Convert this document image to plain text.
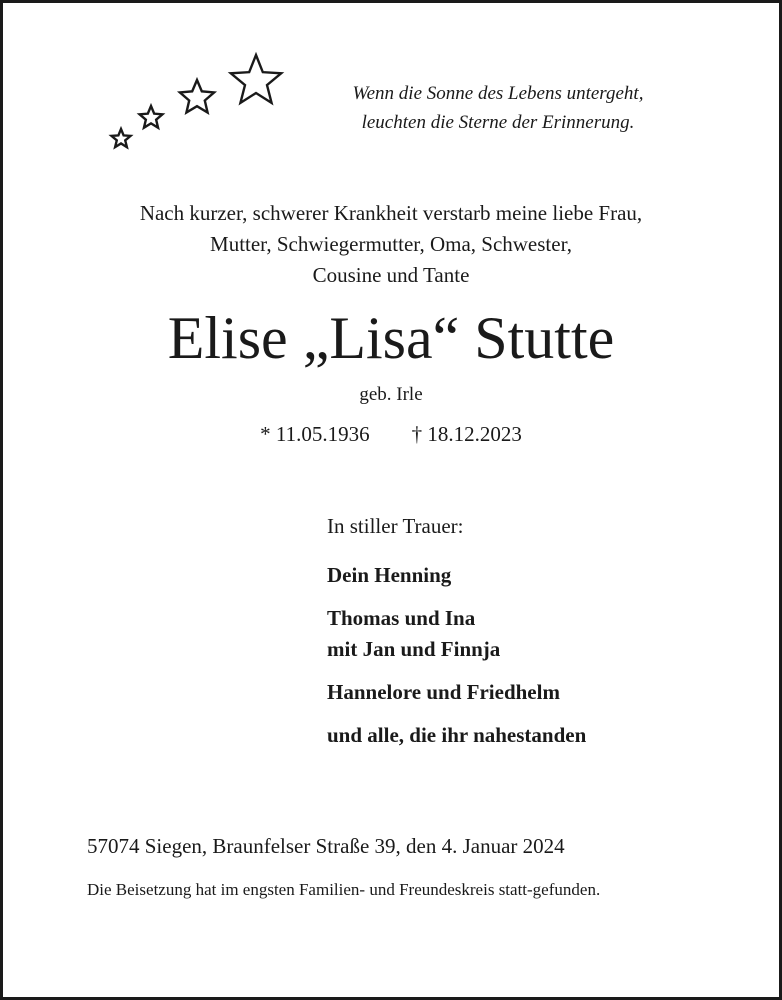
Wenn die Sonne des Lebens untergeht,
leuchten die Sterne der Erinnerung.
Nach kurzer, schwerer Krankheit verstarb meine liebe Frau,
Mutter, Schwiegermutter, Oma, Schwester,
Cousine und Tante
Elise „Lisa“ Stutte
geb. Irle
* 11.05.1936 † 18.12.2023
In stiller Trauer:
Dein Henning
Thomas und Ina
mit Jan und Finnja
Hannelore und Friedhelm
und alle, die ihr nahestanden
57074 Siegen, Braunfelser Straße 39, den 4. Januar 2024
Die Beisetzung hat im engsten Familien- und Freundeskreis statt-gefunden.
